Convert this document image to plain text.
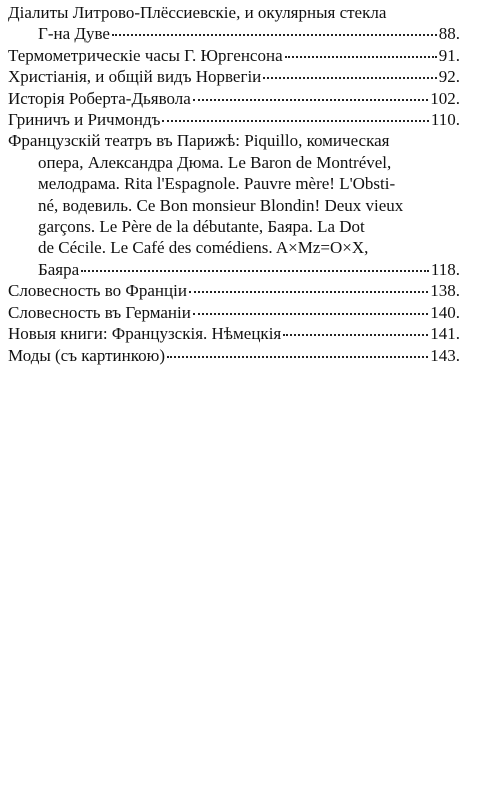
Діалиты Литрово-Плёссиевскіе, и окулярныя стекла
Г-на Дуве	88.
Термометрическіе часы Г. Юргенсона	91.
Христіанія, и общій видъ Норвегіи	92.
Исторія Роберта-Дьявола	102.
Гриничъ и Ричмондъ	110.
Французскій театръ въ Парижѣ: Piquillo, комическая
опера, Александра Дюма. Le Baron de Montrével,
мелодрама. Rita l'Espagnole. Pauvre mère! L'Obsti-
né, водевиль. Ce Bon monsieur Blondin! Deux vieux
garçons. Le Père de la débutante, Баяра. La Dot
de Cécile. Le Café des comédiens. A×Mz=O×X,
Баяра	118.
Словесность во Франціи	138.
Словесность въ Германіи	140.
Новыя книги: Французскія. Нѣмецкія	141.
Моды (съ картинкою)	143.
